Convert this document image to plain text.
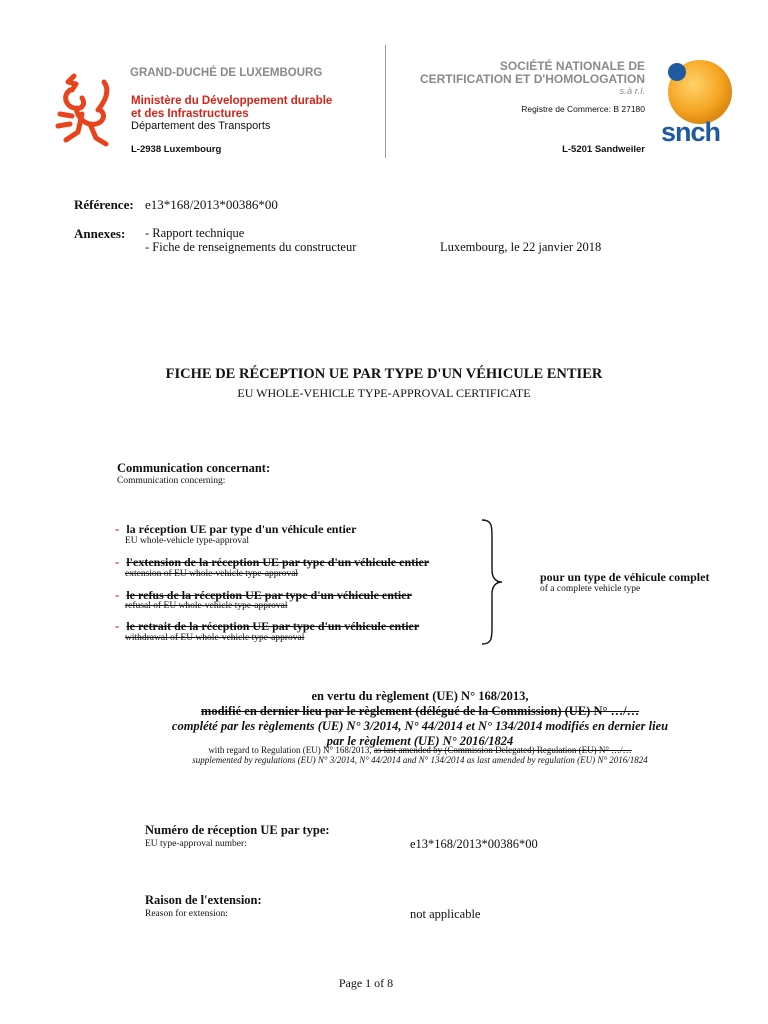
GRAND-DUCHÉ DE LUXEMBOURG
Ministère du Développement durable
et des Infrastructures
Département des Transports
L-2938 Luxembourg
SOCIÉTÉ NATIONALE DE
CERTIFICATION ET D'HOMOLOGATION
s.à r.l.
Registre de Commerce: B 27180
L-5201 Sandweiler
snch
Référence: e13*168/2013*00386*00
Annexes: - Rapport technique
- Fiche de renseignements du constructeur	Luxembourg, le 22 janvier 2018
FICHE DE RÉCEPTION UE PAR TYPE D'UN VÉHICULE ENTIER
EU WHOLE-VEHICLE TYPE-APPROVAL CERTIFICATE
Communication concernant:
Communication concerning:
- la réception UE par type d'un véhicule entier
EU whole-vehicle type-approval
- l'extension de la réception UE par type d'un véhicule entier
extension of EU whole-vehicle type-approval
- le refus de la réception UE par type d'un véhicule entier
refusal of EU whole-vehicle type-approval
- le retrait de la réception UE par type d'un véhicule entier
withdrawal of EU whole-vehicle type-approval
pour un type de véhicule complet
of a complete vehicle type
en vertu du règlement (UE) N° 168/2013,
modifié en dernier lieu par le règlement (délégué de la Commission) (UE) N° …/…
complété par les règlements (UE) N° 3/2014, N° 44/2014 et N° 134/2014 modifiés en dernier lieu
par le règlement (UE) N° 2016/1824
with regard to Regulation (EU) N° 168/2013, as last amended by (Commission Delegated) Regulation (EU) N° …/…
supplemented by regulations (EU) N° 3/2014, N° 44/2014 and N° 134/2014 as last amended by regulation (EU) N° 2016/1824
Numéro de réception UE par type:
EU type-approval number:	e13*168/2013*00386*00
Raison de l'extension:
Reason for extension:	not applicable
Page 1 of 8
